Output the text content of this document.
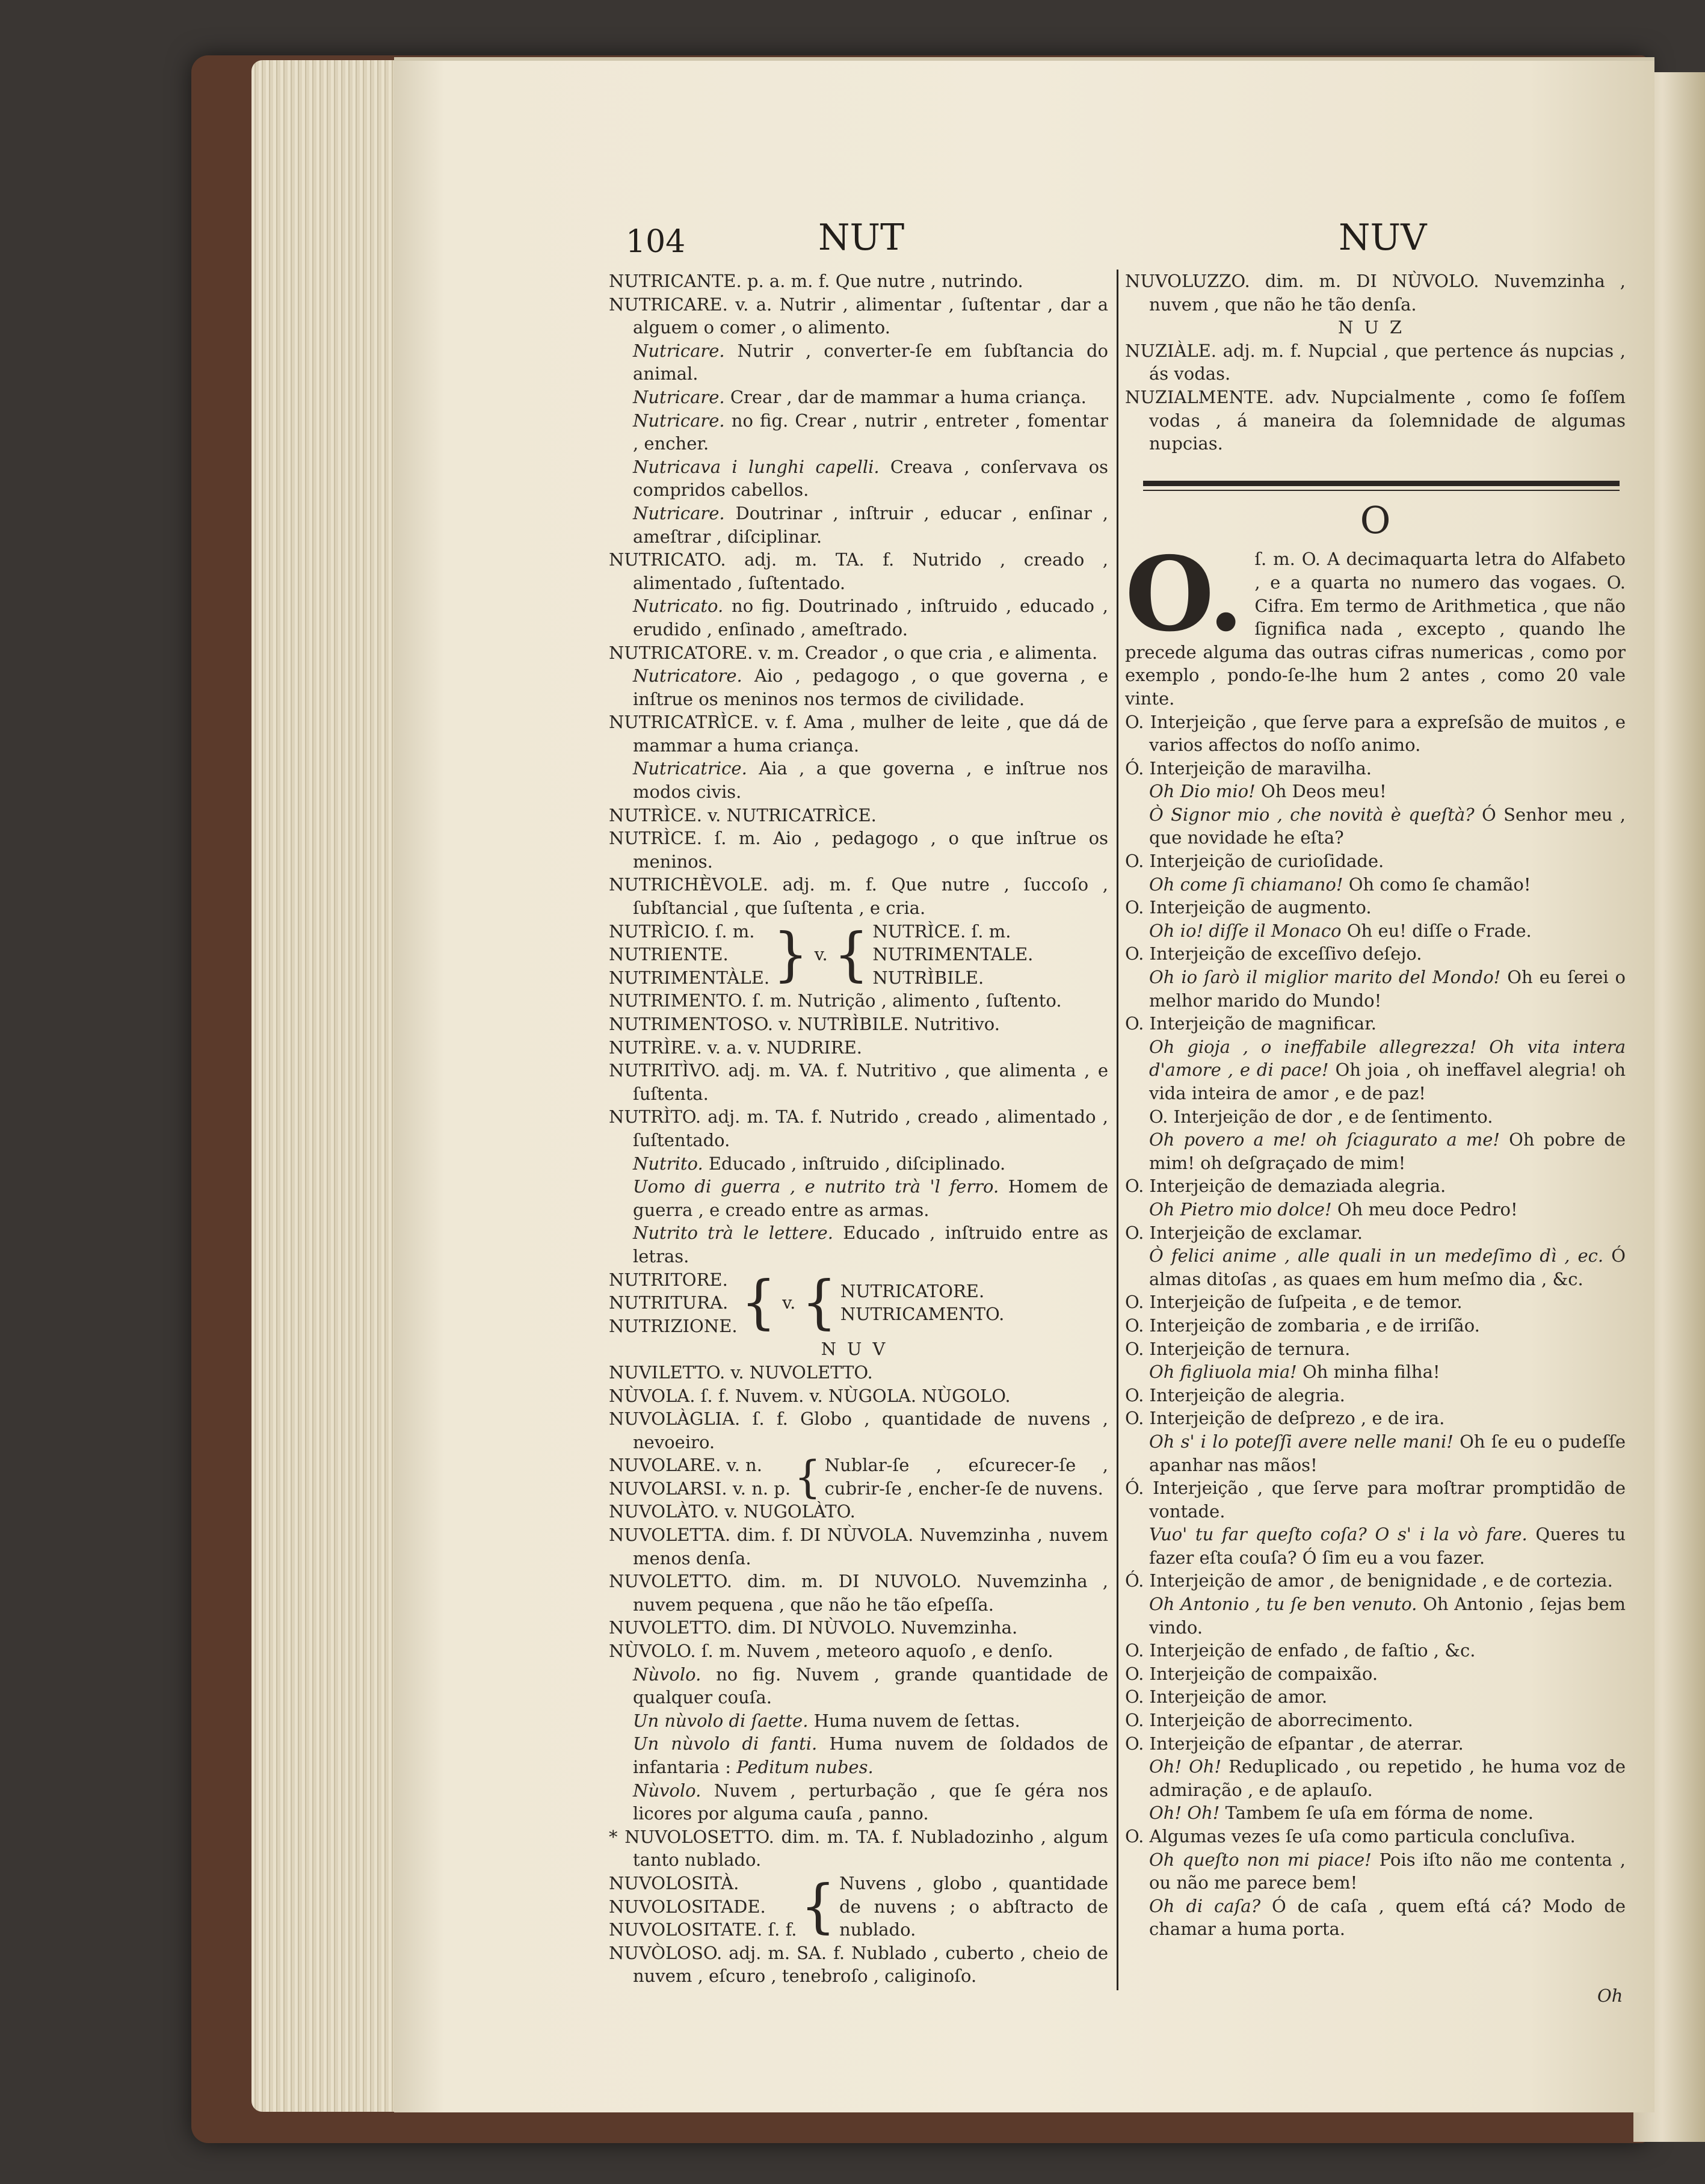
104	NUT	NUV

NUTRICANTE. p. a. m. f. Que nutre , nutrindo.

NUTRICARE. v. a. Nutrir , alimentar , ſuſtentar , dar a alguem o comer , o alimento.

Nutricare. Nutrir , converter-ſe em ſubſtancia do animal.

Nutricare. Crear , dar de mammar a huma criança.

Nutricare. no fig. Crear , nutrir , entreter , fomentar , encher.

Nutricava i lunghi capelli. Creava , conſervava os compridos cabellos.

Nutricare. Doutrinar , inſtruir , educar , enſinar , ameſtrar , diſciplinar.

NUTRICATO. adj. m. TA. f. Nutrido , creado , alimentado , ſuſtentado.

Nutricato. no fig. Doutrinado , inſtruido , educado , erudido , enſinado , ameſtrado.

NUTRICATORE. v. m. Creador , o que cria , e alimenta.

Nutricatore. Aio , pedagogo , o que governa , e inſtrue os meninos nos termos de civilidade.

NUTRICATRÌCE. v. f. Ama , mulher de leite , que dá de mammar a huma criança.

Nutricatrice. Aia , a que governa , e inſtrue nos modos civis.

NUTRÌCE. v. NUTRICATRÌCE.

NUTRÌCE. ſ. m. Aio , pedagogo , o que inſtrue os meninos.

NUTRICHÈVOLE. adj. m. f. Que nutre , ſuccoſo , ſubſtancial , que ſuſtenta , e cria.

NUTRÌCIO. ſ. m.
NUTRIENTE.
NUTRIMENTÀLE. } v. { NUTRÌCE. ſ. m.
NUTRIMENTALE.
NUTRÌBILE.

NUTRIMENTO. ſ. m. Nutrição , alimento , ſuſtento.

NUTRIMENTOSO. v. NUTRÌBILE. Nutritivo.

NUTRÌRE. v. a. v. NUDRIRE.

NUTRITÌVO. adj. m. VA. f. Nutritivo , que alimenta , e ſuſtenta.

NUTRÌTO. adj. m. TA. f. Nutrido , creado , alimentado , ſuſtentado.

Nutrito. Educado , inſtruido , diſciplinado.

Uomo di guerra , e nutrito trà 'l ferro. Homem de guerra , e creado entre as armas.

Nutrito trà le lettere. Educado , inſtruido entre as letras.

NUTRITORE.
NUTRITURA.
NUTRIZIONE. { v. { NUTRICATORE.
NUTRICAMENTO.

NUV

NUVILETTO. v. NUVOLETTO.

NÙVOLA. ſ. f. Nuvem. v. NÙGOLA. NÙGOLO.

NUVOLÀGLIA. ſ. f. Globo , quantidade de nuvens , nevoeiro.

NUVOLARE. v. n.
NUVOLARSI. v. n. p. { Nublar-ſe , eſcurecer-ſe , cubrir-ſe , encher-ſe de nuvens.

NUVOLÀTO. v. NUGOLÀTO.

NUVOLETTA. dim. f. DI NÙVOLA. Nuvemzinha , nuvem menos denſa.

NUVOLETTO. dim. m. DI NUVOLO. Nuvemzinha , nuvem pequena , que não he tão eſpeſſa.

NUVOLETTO. dim. DI NÙVOLO. Nuvemzinha.

NÙVOLO. ſ. m. Nuvem , meteoro aquoſo , e denſo.

Nùvolo. no fig. Nuvem , grande quantidade de qualquer couſa.

Un nùvolo di ſaette. Huma nuvem de ſettas.

Un nùvolo di fanti. Huma nuvem de ſoldados de infantaria : Peditum nubes.

Nùvolo. Nuvem , perturbação , que ſe géra nos licores por alguma cauſa , panno.

* NUVOLOSETTO. dim. m. TA. f. Nubladozinho , algum tanto nublado.

NUVOLOSITÀ.
NUVOLOSITADE.
NUVOLOSITATE. ſ. f. { Nuvens , globo , quantidade de nuvens ; o abſtracto de nublado.

NUVÒLOSO. adj. m. SA. f. Nublado , cuberto , cheio de nuvem , eſcuro , tenebroſo , caliginoſo.

NUVOLUZZO. dim. m. DI NÙVOLO. Nuvemzinha , nuvem , que não he tão denſa.

NUZ

NUZIÀLE. adj. m. f. Nupcial , que pertence ás nupcias , ás vodas.

NUZIALMENTE. adv. Nupcialmente , como ſe foſſem vodas , á maneira da ſolemnidade de algumas nupcias.

O
O. ſ. m. O. A decimaquarta letra do Alfabeto , e a quarta no numero das vogaes. O. Cifra. Em termo de Arithmetica , que não ſignifica nada , excepto , quando lhe precede alguma das outras cifras numericas , como por exemplo , pondo-ſe-lhe hum 2 antes , como 20 vale vinte.

O. Interjeição , que ſerve para a expreſsão de muitos , e varios affectos do noſſo animo.

Ó. Interjeição de maravilha.

Oh Dio mio! Oh Deos meu!

Ò Signor mio , che novità è queſtà? Ó Senhor meu , que novidade he eſta?

O. Interjeição de curioſidade.

Oh come ſi chiamano! Oh como ſe chamão!

O. Interjeição de augmento.

Oh io! diſſe il Monaco Oh eu! diſſe o Frade.

O. Interjeição de exceſſivo deſejo.

Oh io ſarò il miglior marito del Mondo! Oh eu ſerei o melhor marido do Mundo!

O. Interjeição de magnificar.

Oh gioja , o ineffabile allegrezza! Oh vita intera d'amore , e di pace! Oh joia , oh ineffavel alegria! oh vida inteira de amor , e de paz!

O. Interjeição de dor , e de ſentimento.

Oh povero a me! oh ſciagurato a me! Oh pobre de mim! oh deſgraçado de mim!

O. Interjeição de demaziada alegria.

Oh Pietro mio dolce! Oh meu doce Pedro!

O. Interjeição de exclamar.

Ò felici anime , alle quali in un medeſimo dì , ec. Ó almas ditoſas , as quaes em hum meſmo dia , &c.

O. Interjeição de ſuſpeita , e de temor.

O. Interjeição de zombaria , e de irriſão.

O. Interjeição de ternura.

Oh figliuola mia! Oh minha filha!

O. Interjeição de alegria.

O. Interjeição de deſprezo , e de ira.

Oh s' i lo poteſſi avere nelle mani! Oh ſe eu o pudeſſe apanhar nas mãos!

Ó. Interjeição , que ſerve para moſtrar promptidão de vontade.

Vuo' tu far queſto coſa? O s' i la vò fare. Queres tu fazer eſta couſa? Ó ſim eu a vou fazer.

Ó. Interjeição de amor , de benignidade , e de cortezia.

Oh Antonio , tu ſe ben venuto. Oh Antonio , ſejas bem vindo.

O. Interjeição de enfado , de faſtio , &c.

O. Interjeição de compaixão.

O. Interjeição de amor.

O. Interjeição de aborrecimento.

O. Interjeição de eſpantar , de aterrar.

Oh! Oh! Reduplicado , ou repetido , he huma voz de admiração , e de aplauſo.

Oh! Oh! Tambem ſe uſa em fórma de nome.

O. Algumas vezes ſe uſa como particula concluſiva.

Oh queſto non mi piace! Pois iſto não me contenta , ou não me parece bem!

Oh di caſa? Ó de caſa , quem eſtá cá? Modo de chamar a huma porta.

Oh
